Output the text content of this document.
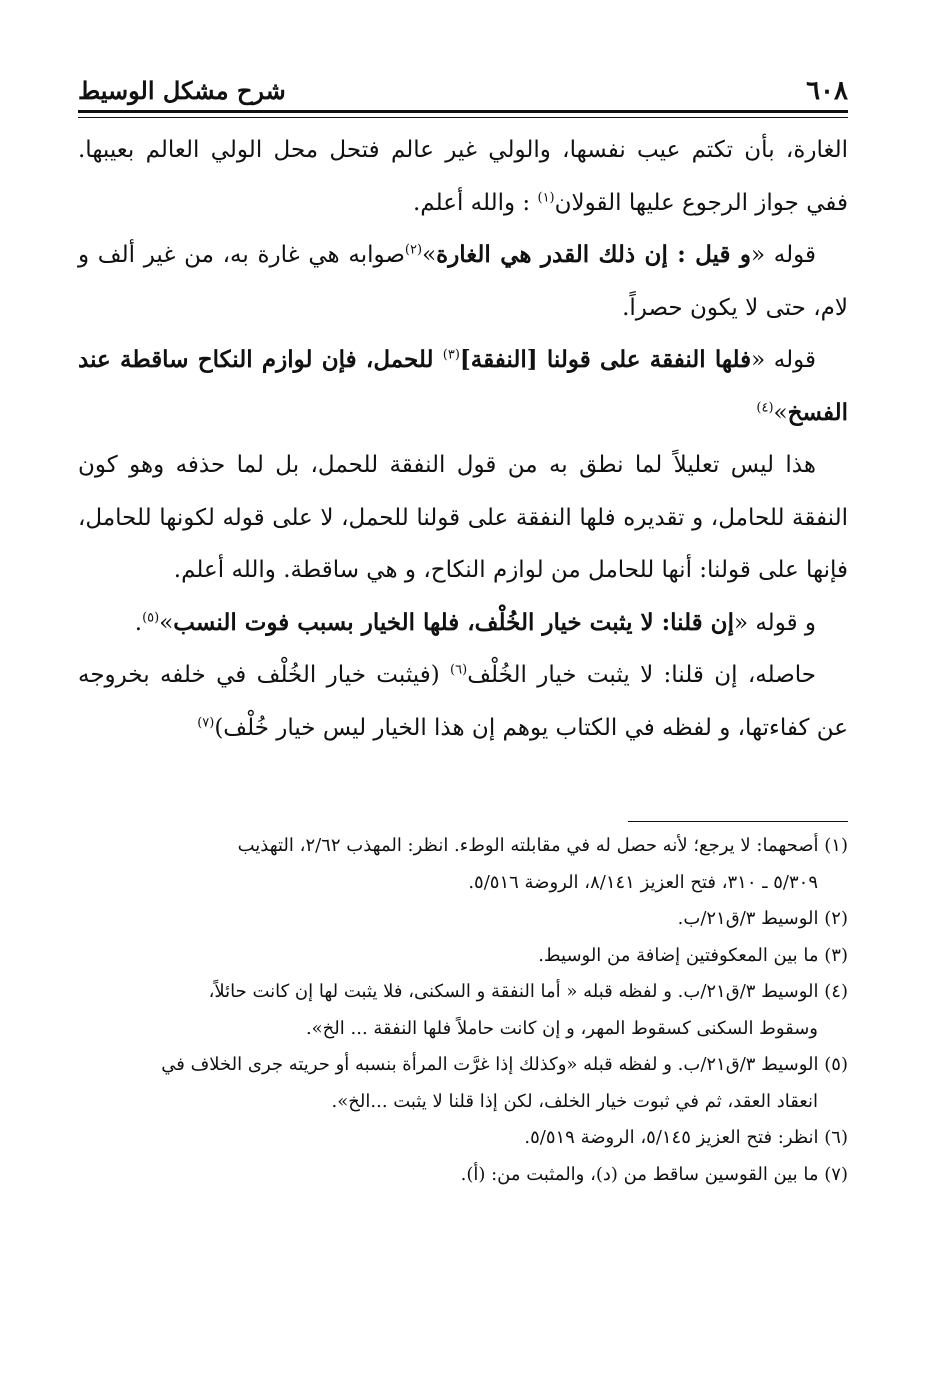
٦٠٨
شرح مشكل الوسيط

الغارة، بأن تكتم عيب نفسها، والولي غير عالم فتحل محل الولي العالم بعيبها. ففي جواز الرجوع عليها القولان$^{(١)}$ : والله أعلم.

قوله «و قيل : إن ذلك القدر هي الغارة»$^{(٢)}$صوابه هي غارة به، من غير ألف و لام، حتى لا يكون حصراً.

قوله «فلها النفقة على قولنا [النفقة]$^{(٣)}$ للحمل، فإن لوازم النكاح ساقطة عند الفسخ»$^{(٤)}$

هذا ليس تعليلاً لما نطق به من قول النفقة للحمل، بل لما حذفه وهو كون النفقة للحامل، و تقديره فلها النفقة على قولنا للحمل، لا على قوله لكونها للحامل، فإنها على قولنا: أنها للحامل من لوازم النكاح، و هي ساقطة. والله أعلم.

و قوله «إن قلنا: لا يثبت خيار الخُلْف، فلها الخيار بسبب فوت النسب»$^{(٥)}$.

حاصله، إن قلنا: لا يثبت خيار الخُلْف$^{(٦)}$ (فيثبت خيار الخُلْف في خلفه بخروجه عن كفاءتها، و لفظه في الكتاب يوهم إن هذا الخيار ليس خيار خُلْف)$^{(٧)}$

(١) أصحهما: لا يرجع؛ لأنه حصل له في مقابلته الوطء. انظر: المهذب ٢/٦٢، التهذيب

٥/٣٠٩ ـ ٣١٠، فتح العزيز ٨/١٤١، الروضة ٥/٥١٦.

(٢) الوسيط ٣/ق٢١/ب.

(٣) ما بين المعكوفتين إضافة من الوسيط.

(٤) الوسيط ٣/ق٢١/ب. و لفظه قبله « أما النفقة و السكنى، فلا يثبت لها إن كانت حائلاً،

وسقوط السكنى كسقوط المهر، و إن كانت حاملاً فلها النفقة ... الخ».

(٥) الوسيط ٣/ق٢١/ب. و لفظه قبله «وكذلك إذا غرَّت المرأة بنسبه أو حريته جرى الخلاف في

انعقاد العقد، ثم في ثبوت خيار الخلف، لكن إذا قلنا لا يثبت ...الخ».

(٦) انظر: فتح العزيز ٥/١٤٥، الروضة ٥/٥١٩.

(٧) ما بين القوسين ساقط من (د)، والمثبت من: (أ).
